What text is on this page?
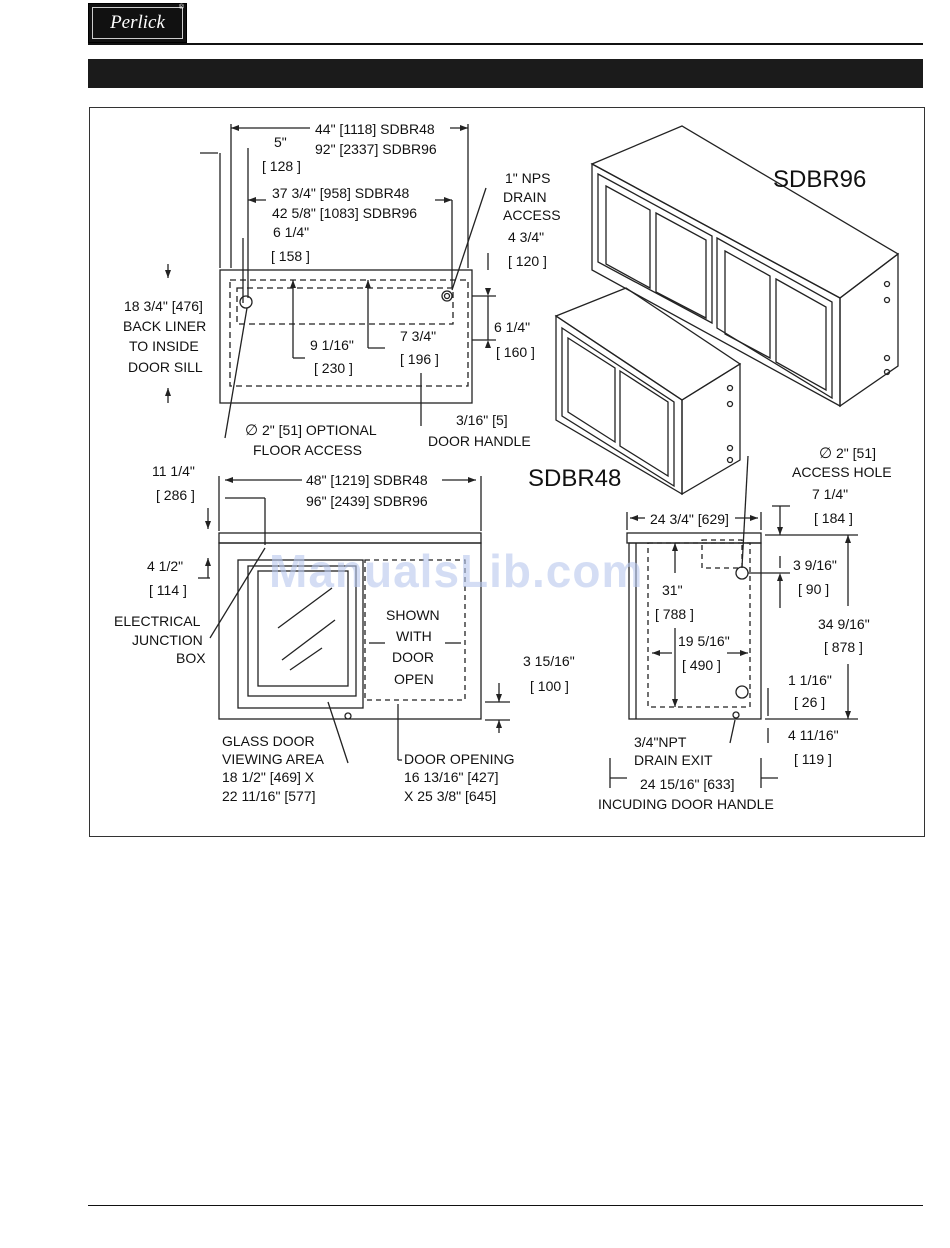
Perlick
®
44" [1118] SDBR48
92" [2337] SDBR96
5"
[ 128 ]
37 3/4" [958] SDBR48
42 5/8" [1083] SDBR96
6 1/4"
[ 158 ]
1" NPS
DRAIN
ACCESS
4 3/4"
[ 120 ]
18 3/4" [476]
BACK LINER
TO INSIDE
DOOR SILL
9 1/16"
[ 230 ]
7 3/4"
[ 196 ]
6 1/4"
[ 160 ]
∅ 2" [51] OPTIONAL
FLOOR ACCESS
3/16" [5]
DOOR HANDLE
SDBR96
SDBR48
11 1/4"
[ 286 ]
48" [1219] SDBR48
96" [2439] SDBR96
4 1/2"
[ 114 ]
ELECTRICAL
JUNCTION
BOX
SHOWN
WITH
DOOR
OPEN
3 15/16"
[ 100 ]
GLASS DOOR
VIEWING AREA
18 1/2" [469] X
22 11/16" [577]
DOOR OPENING
16 13/16" [427]
X 25 3/8" [645]
∅ 2" [51]
ACCESS HOLE
7 1/4"
[ 184 ]
24 3/4" [629]
31"
[ 788 ]
3 9/16"
[ 90 ]
34 9/16"
[ 878 ]
19 5/16"
[ 490 ]
1 1/16"
[ 26 ]
3/4"NPT
DRAIN EXIT
4 11/16"
[ 119 ]
24 15/16" [633]
INCUDING DOOR HANDLE
ManualsLib.com
